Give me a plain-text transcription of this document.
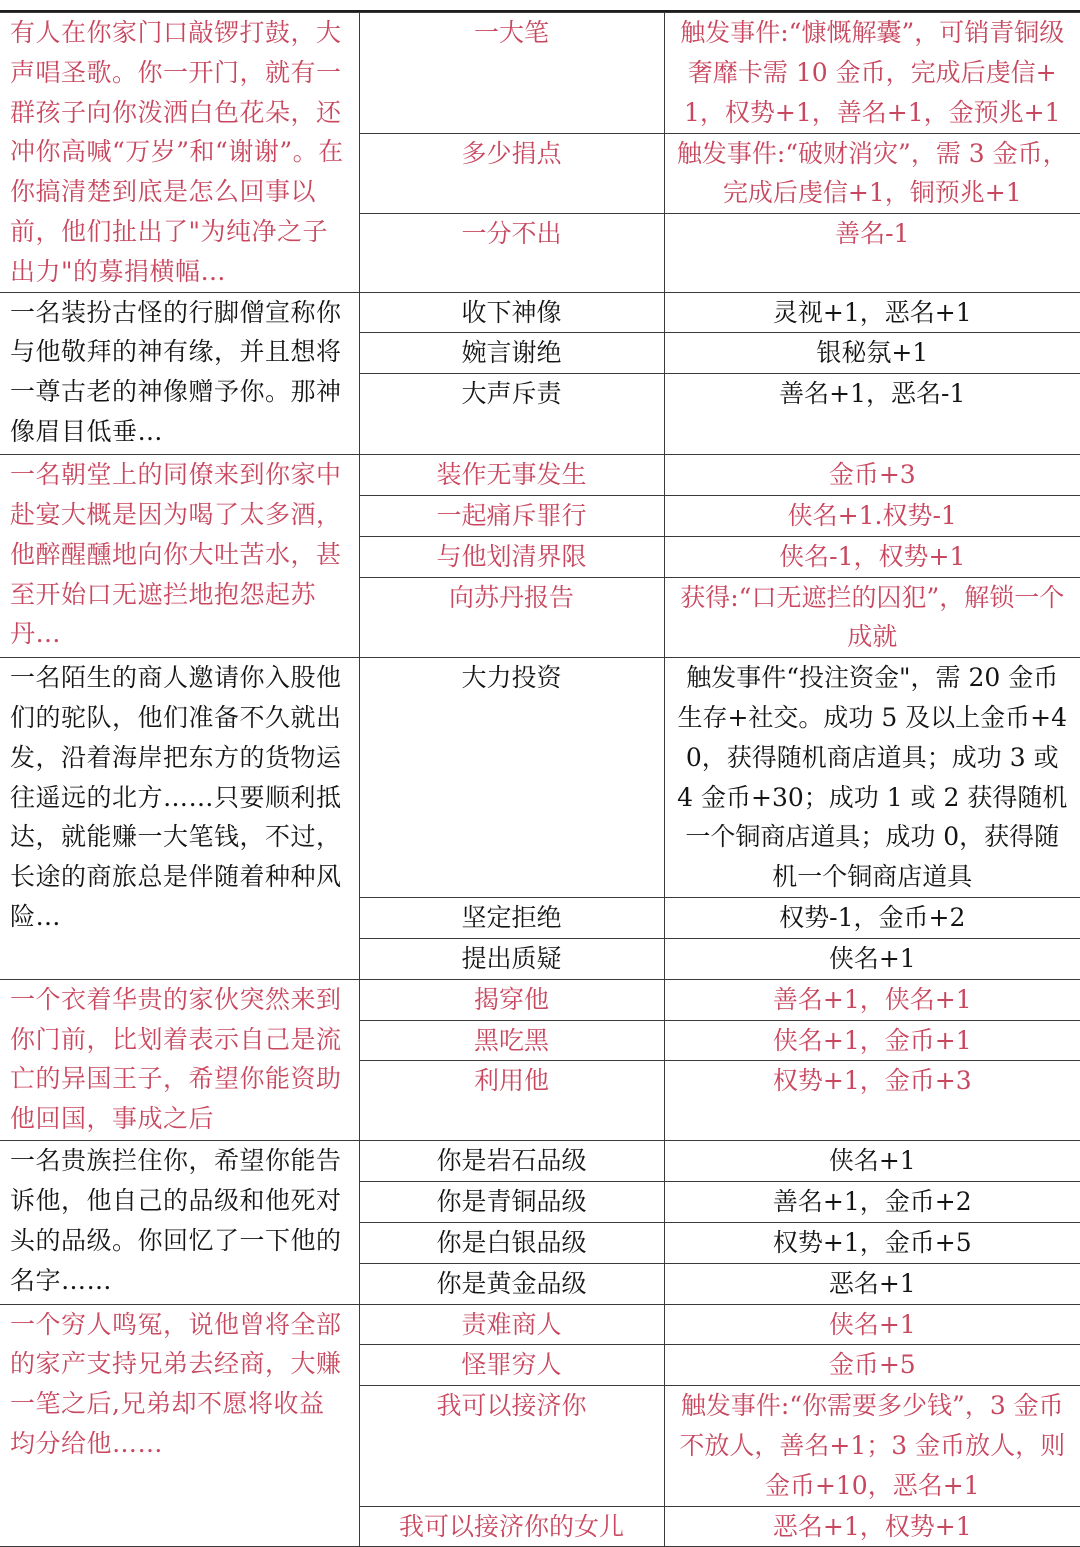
有人在你家门口敲锣打鼓，大声唱圣歌。你一开门，就有一群孩子向你泼洒白色花朵，还冲你高喊“万岁”和“谢谢”。在你搞清楚到底是怎么回事以前，他们扯出了"为纯净之子出力"的募捐横幅…	一大笔	触发事件:“慷慨解囊”，可销青铜级奢靡卡需 10 金币，完成后虔信+1，权势+1，善名+1，金预兆+1
	多少捐点	触发事件:“破财消灾”，需 3 金币，完成后虔信+1，铜预兆+1
	一分不出	善名-1
一名装扮古怪的行脚僧宣称你与他敬拜的神有缘，并且想将一尊古老的神像赠予你。那神像眉目低垂…	收下神像	灵视+1，恶名+1
	婉言谢绝	银秘氛+1
	大声斥责	善名+1，恶名-1
一名朝堂上的同僚来到你家中赴宴大概是因为喝了太多酒，他醉醒醺地向你大吐苦水，甚至开始口无遮拦地抱怨起苏丹…	装作无事发生	金币+3
	一起痛斥罪行	侠名+1.权势-1
	与他划清界限	侠名-1，权势+1
	向苏丹报告	获得:“口无遮拦的囚犯”，解锁一个成就
一名陌生的商人邀请你入股他们的驼队，他们准备不久就出发，沿着海岸把东方的货物运往遥远的北方……只要顺利抵达，就能赚一大笔钱，不过，长途的商旅总是伴随着种种风险…	大力投资	触发事件“投注资金"，需 20 金币生存+社交。成功 5 及以上金币+40，获得随机商店道具；成功 3 或 4 金币+30；成功 1 或 2 获得随机一个铜商店道具；成功 0，获得随机一个铜商店道具
	坚定拒绝	权势-1，金币+2
	提出质疑	侠名+1
一个衣着华贵的家伙突然来到你门前，比划着表示自己是流亡的异国王子，希望你能资助他回国，事成之后	揭穿他	善名+1，侠名+1
	黑吃黑	侠名+1，金币+1
	利用他	权势+1，金币+3
一名贵族拦住你，希望你能告诉他，他自己的品级和他死对头的品级。你回忆了一下他的名字……	你是岩石品级	侠名+1
	你是青铜品级	善名+1，金币+2
	你是白银品级	权势+1，金币+5
	你是黄金品级	恶名+1
一个穷人鸣冤，说他曾将全部的家产支持兄弟去经商，大赚一笔之后,兄弟却不愿将收益均分给他……	责难商人	侠名+1
	怪罪穷人	金币+5
	我可以接济你	触发事件:“你需要多少钱”，3 金币不放人，善名+1；3 金币放人，则金币+10，恶名+1
	我可以接济你的女儿	恶名+1，权势+1
